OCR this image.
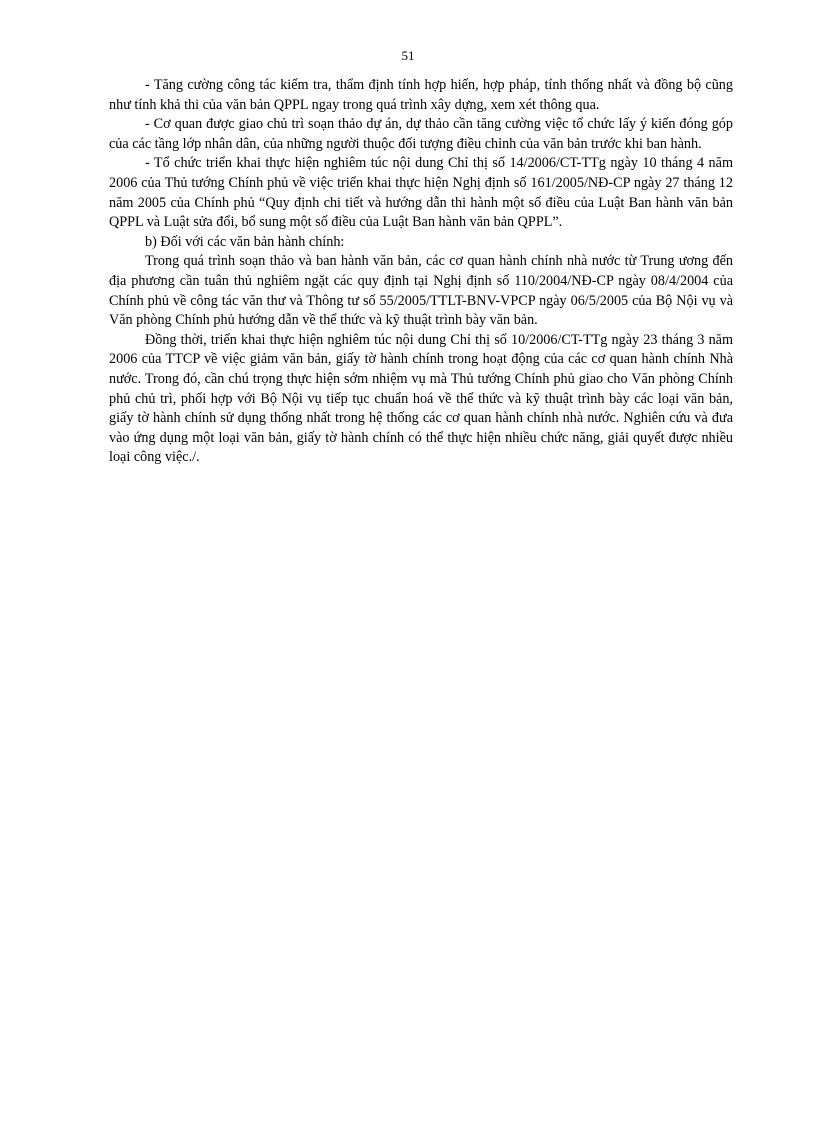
51

- Tăng cường công tác kiểm tra, thẩm định tính hợp hiến, hợp pháp, tính thống nhất và đồng bộ cũng như tính khả thi của văn bản QPPL ngay trong quá trình xây dựng, xem xét thông qua.

- Cơ quan được giao chủ trì soạn thảo dự án, dự thảo cần tăng cường việc tổ chức lấy ý kiến đóng góp của các tầng lớp nhân dân, của những người thuộc đối tượng điều chỉnh của văn bản trước khi ban hành.

- Tổ chức triển khai thực hiện nghiêm túc nội dung Chỉ thị số 14/2006/CT-TTg ngày 10 tháng 4 năm 2006 của Thủ tướng Chính phủ về việc triển khai thực hiện Nghị định số 161/2005/NĐ-CP ngày 27 tháng 12 năm 2005 của Chính phủ “Quy định chi tiết và hướng dẫn thi hành một số điều của Luật Ban hành văn bản QPPL và Luật sửa đổi, bổ sung một số điều của Luật Ban hành văn bản QPPL”.

b) Đối với các văn bản hành chính:

Trong quá trình soạn thảo và ban hành văn bản, các cơ quan hành chính nhà nước từ Trung ương đến địa phương cần tuân thủ nghiêm ngặt các quy định tại Nghị định số 110/2004/NĐ-CP ngày 08/4/2004 của Chính phủ về công tác văn thư và Thông tư số 55/2005/TTLT-BNV-VPCP ngày 06/5/2005 của Bộ Nội vụ và Văn phòng Chính phủ hướng dẫn về thể thức và kỹ thuật trình bày văn bản.

Đồng thời, triển khai thực hiện nghiêm túc nội dung Chỉ thị số 10/2006/CT-TTg ngày 23 tháng 3 năm 2006 của TTCP về việc giảm văn bản, giấy tờ hành chính trong hoạt động của các cơ quan hành chính Nhà nước. Trong đó, cần chú trọng thực hiện sớm nhiệm vụ mà Thủ tướng Chính phủ giao cho Văn phòng Chính phủ chủ trì, phối hợp với Bộ Nội vụ tiếp tục chuẩn hoá về thể thức và kỹ thuật trình bày các loại văn bản, giấy tờ hành chính sử dụng thống nhất trong hệ thống các cơ quan hành chính nhà nước. Nghiên cứu và đưa vào ứng dụng một loại văn bản, giấy tờ hành chính có thể thực hiện nhiều chức năng, giải quyết được nhiều loại công việc./.
